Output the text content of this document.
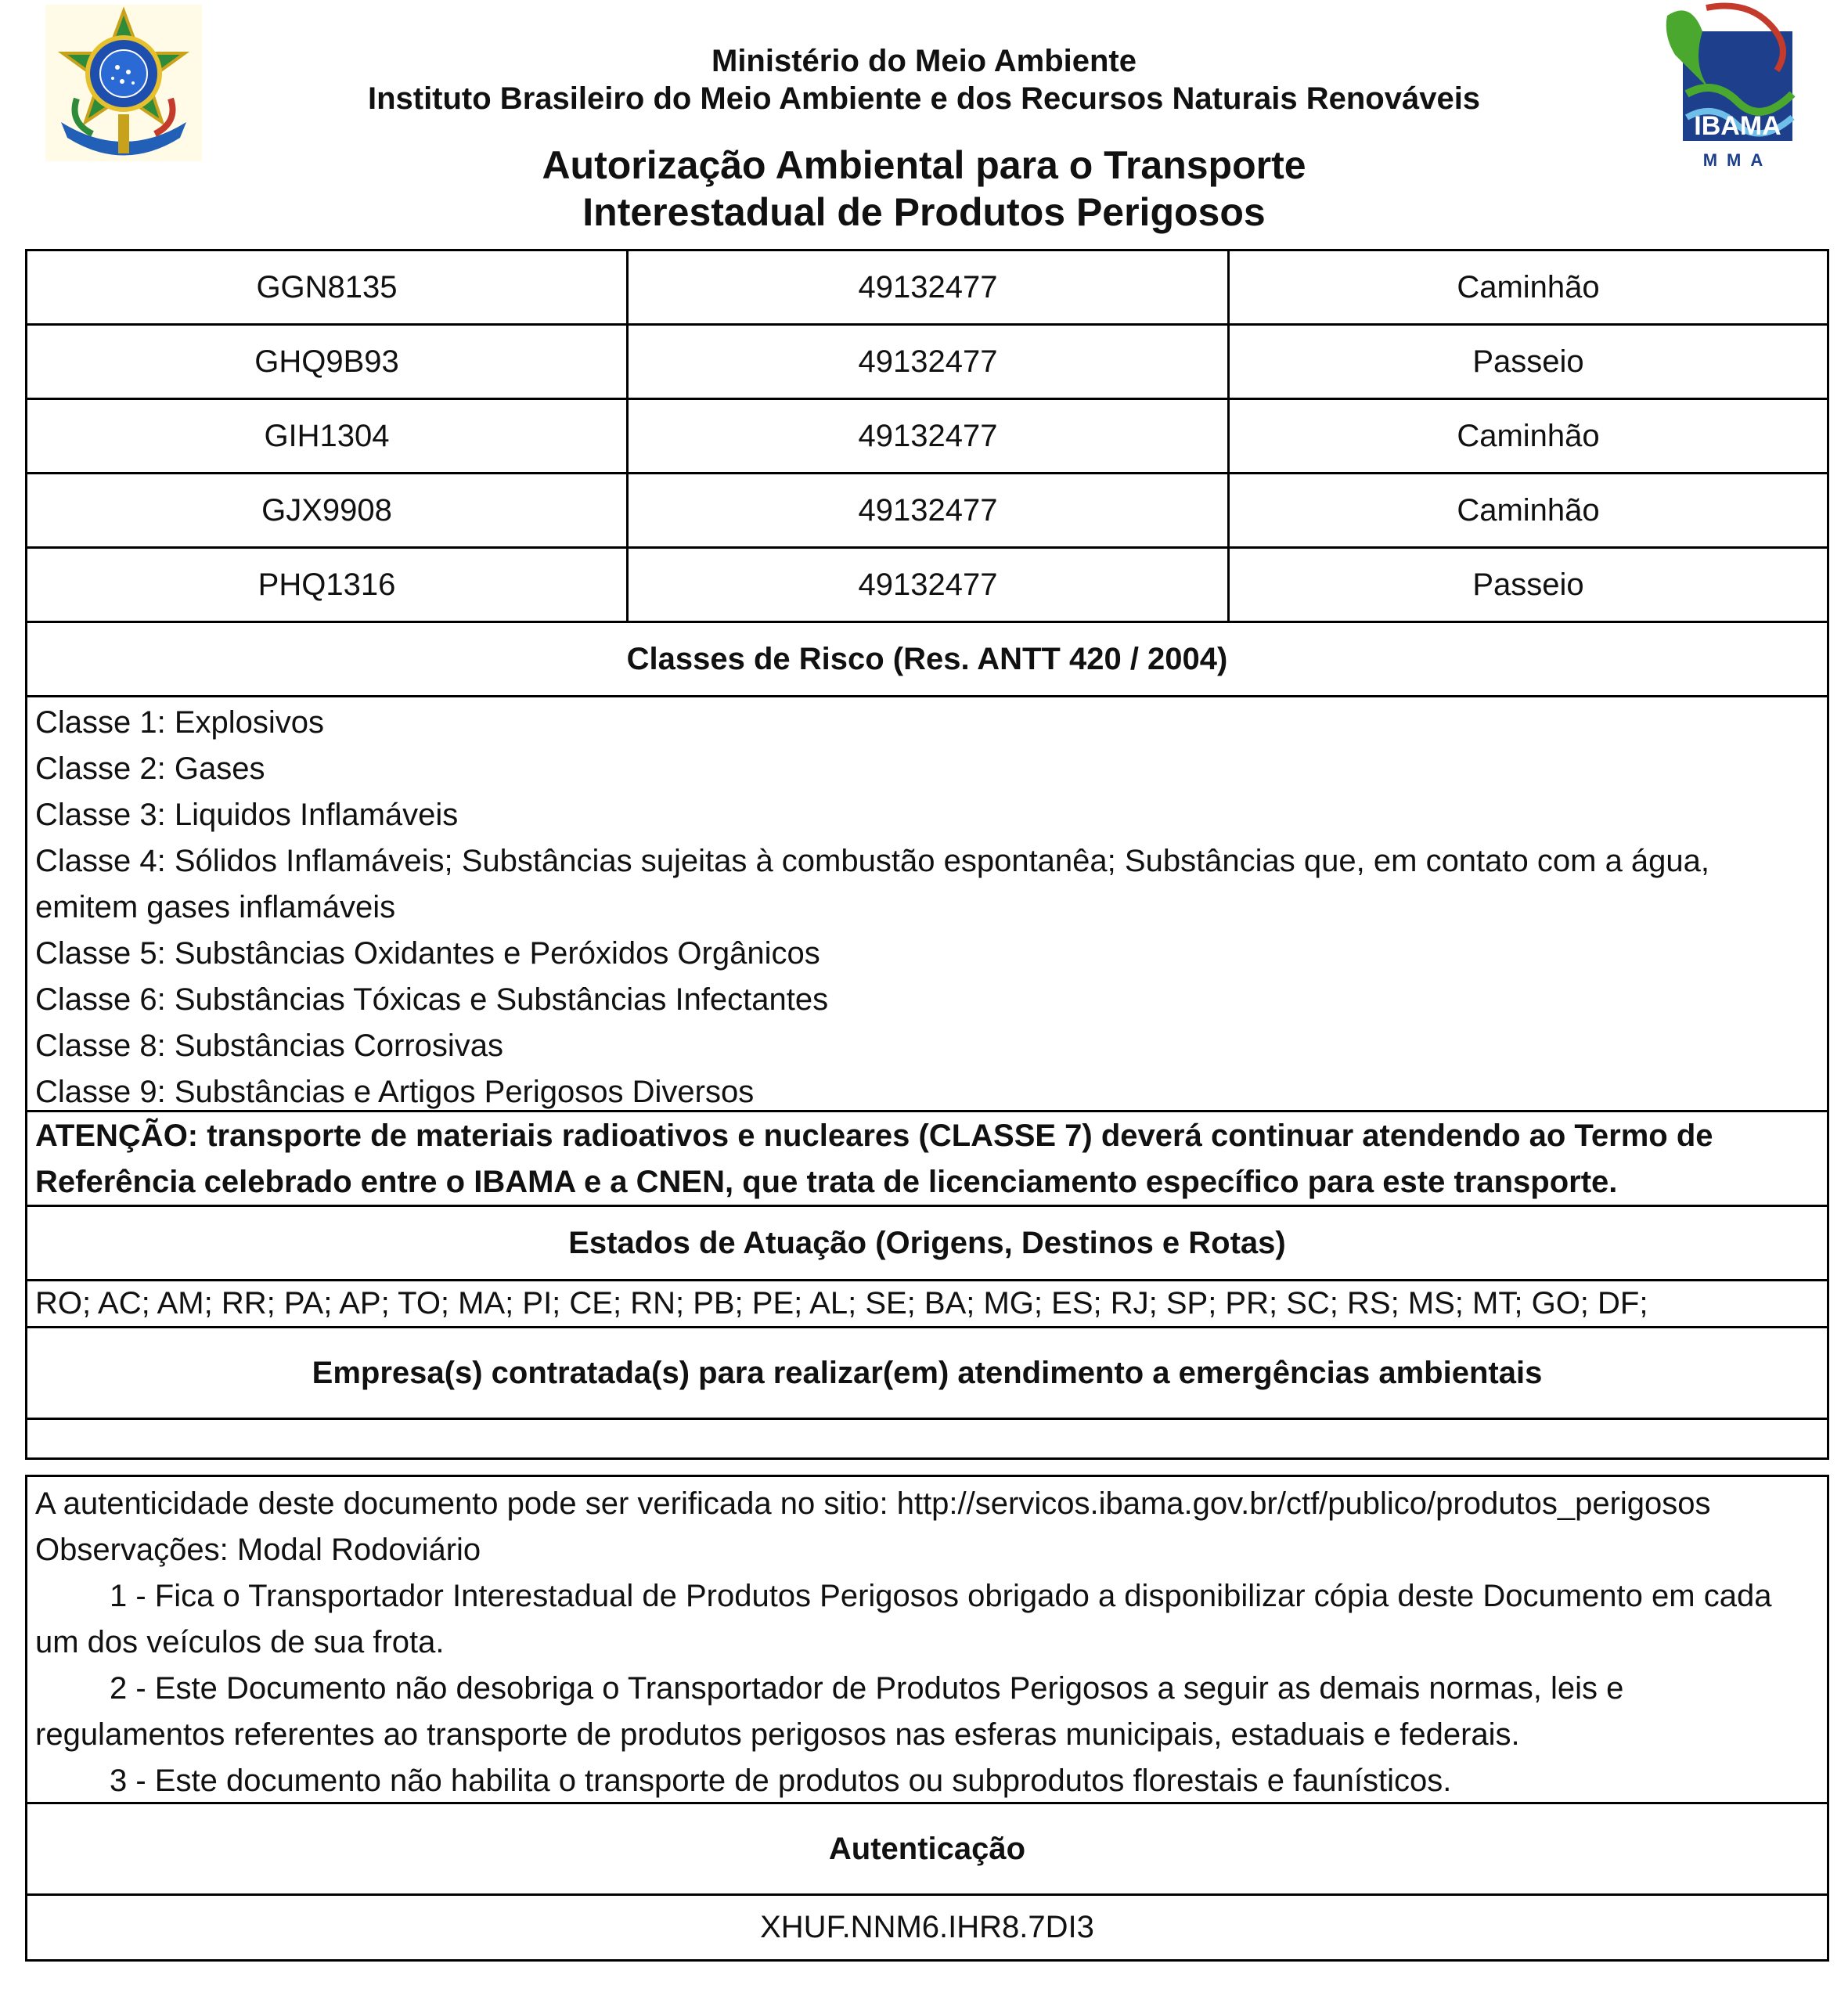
IBAMA
MMA
Ministério do Meio Ambiente
Instituto Brasileiro do Meio Ambiente e dos Recursos Naturais Renováveis
Autorização Ambiental para o Transporte
Interestadual de Produtos Perigosos
GGN8135	49132477	Caminhão
GHQ9B93	49132477	Passeio
GIH1304	49132477	Caminhão
GJX9908	49132477	Caminhão
PHQ1316	49132477	Passeio
Classes de Risco (Res. ANTT 420 / 2004)
Classe 1: Explosivos
Classe 2: Gases
Classe 3: Liquidos Inflamáveis
Classe 4: Sólidos Inflamáveis; Substâncias sujeitas à combustão espontanêa; Substâncias que, em contato com a água, emitem gases inflamáveis
Classe 5: Substâncias Oxidantes e Peróxidos Orgânicos
Classe 6: Substâncias Tóxicas e Substâncias Infectantes
Classe 8: Substâncias Corrosivas
Classe 9: Substâncias e Artigos Perigosos Diversos
ATENÇÃO: transporte de materiais radioativos e nucleares (CLASSE 7) deverá continuar atendendo ao Termo de Referência celebrado entre o IBAMA e a CNEN, que trata de licenciamento específico para este transporte.
Estados de Atuação (Origens, Destinos e Rotas)
RO; AC; AM; RR; PA; AP; TO; MA; PI; CE; RN; PB; PE; AL; SE; BA; MG; ES; RJ; SP; PR; SC; RS; MS; MT; GO; DF;
Empresa(s) contratada(s) para realizar(em) atendimento a emergências ambientais
A autenticidade deste documento pode ser verificada no sitio: http://servicos.ibama.gov.br/ctf/publico/produtos_perigosos
Observações: Modal Rodoviário
1 - Fica o Transportador Interestadual de Produtos Perigosos obrigado a disponibilizar cópia deste Documento em cada um dos veículos de sua frota.
2 - Este Documento não desobriga o Transportador de Produtos Perigosos a seguir as demais normas, leis e regulamentos referentes ao transporte de produtos perigosos nas esferas municipais, estaduais e federais.
3 - Este documento não habilita o transporte de produtos ou subprodutos florestais e faunísticos.
Autenticação
XHUF.NNM6.IHR8.7DI3
